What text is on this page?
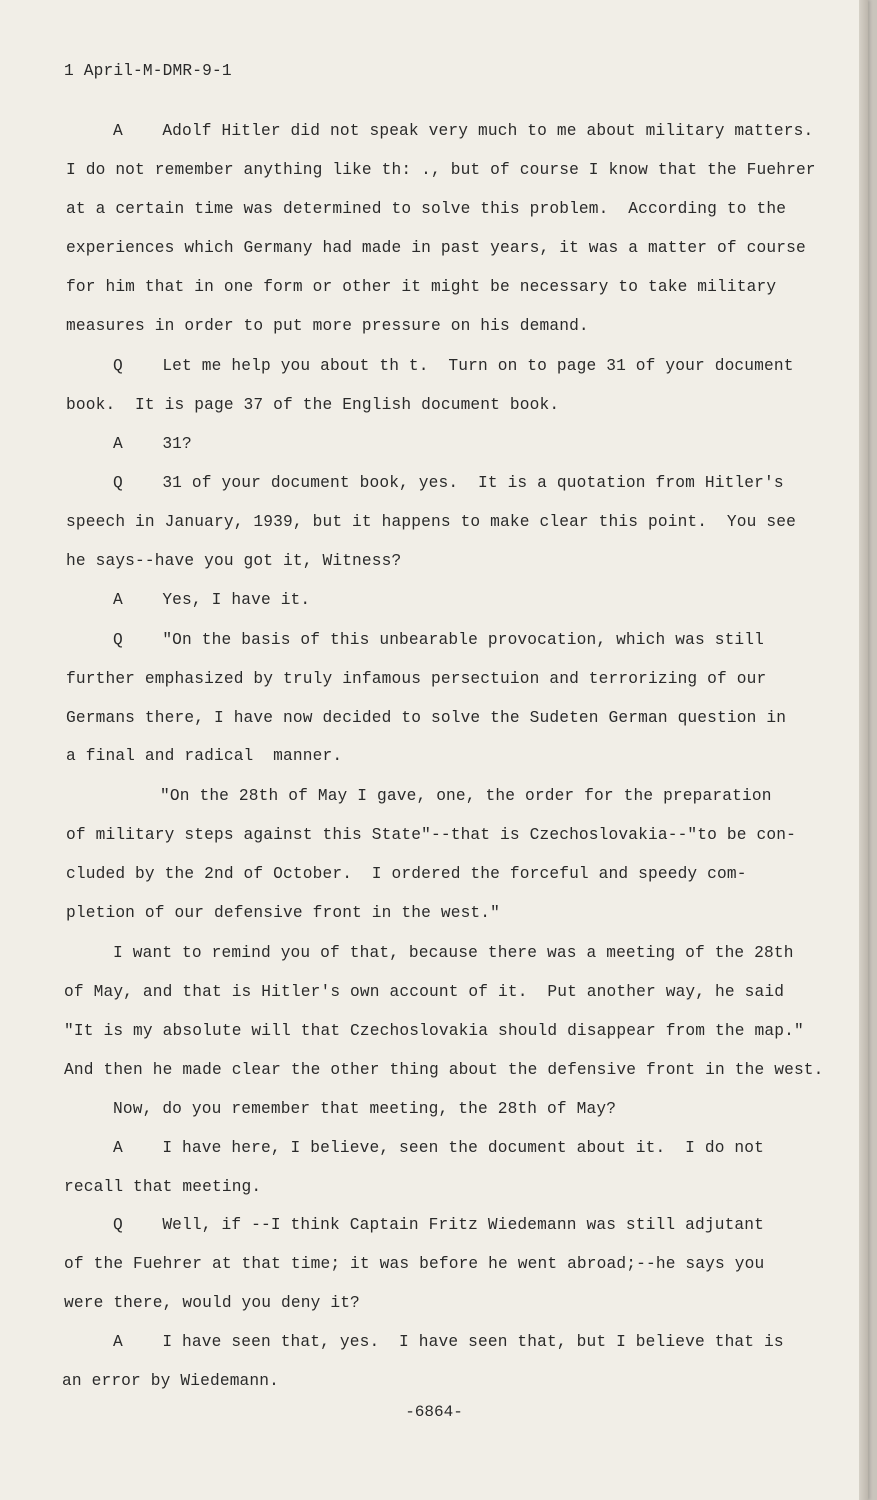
1 April-M-DMR-9-1
A    Adolf Hitler did not speak very much to me about military matters.
I do not remember anything like th: ., but of course I know that the Fuehrer
at a certain time was determined to solve this problem.  According to the
experiences which Germany had made in past years, it was a matter of course
for him that in one form or other it might be necessary to take military
measures in order to put more pressure on his demand.
Q    Let me help you about th t.  Turn on to page 31 of your document
book.  It is page 37 of the English document book.
A    31?
Q    31 of your document book, yes.  It is a quotation from Hitler's
speech in January, 1939, but it happens to make clear this point.  You see
he says--have you got it, Witness?
A    Yes, I have it.
Q    "On the basis of this unbearable provocation, which was still
further emphasized by truly infamous persectuion and terrorizing of our
Germans there, I have now decided to solve the Sudeten German question in
a final and radical  manner.
"On the 28th of May I gave, one, the order for the preparation
of military steps against this State"--that is Czechoslovakia--"to be con-
cluded by the 2nd of October.  I ordered the forceful and speedy com-
pletion of our defensive front in the west."
I want to remind you of that, because there was a meeting of the 28th
of May, and that is Hitler's own account of it.  Put another way, he said
"It is my absolute will that Czechoslovakia should disappear from the map."
And then he made clear the other thing about the defensive front in the west.
Now, do you remember that meeting, the 28th of May?
A    I have here, I believe, seen the document about it.  I do not
recall that meeting.
Q    Well, if --I think Captain Fritz Wiedemann was still adjutant
of the Fuehrer at that time; it was before he went abroad;--he says you
were there, would you deny it?
A    I have seen that, yes.  I have seen that, but I believe that is
an error by Wiedemann.
-6864-
